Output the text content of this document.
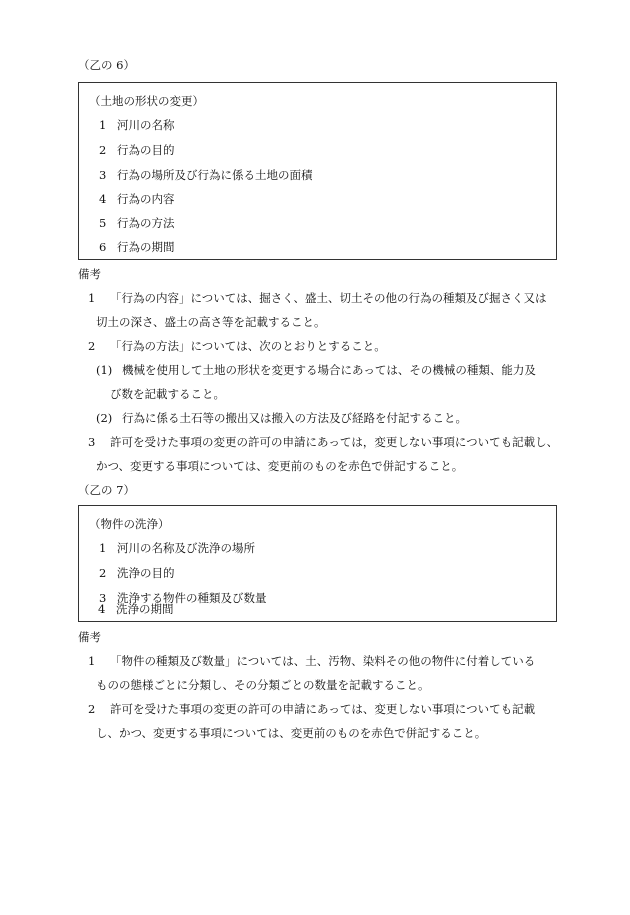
（乙の 6）
（土地の形状の変更）
1 河川の名称
2 行為の目的
3 行為の場所及び行為に係る土地の面積
4 行為の内容
5 行為の方法
6 行為の期間
備考
1 「行為の内容」については、掘さく、盛土、切土その他の行為の種類及び掘さく又は
切土の深さ、盛土の高さ等を記載すること。
2 「行為の方法」については、次のとおりとすること。
(1) 機械を使用して土地の形状を変更する場合にあっては、その機械の種類、能力及
び数を記載すること。
(2) 行為に係る土石等の搬出又は搬入の方法及び経路を付記すること。
3 許可を受けた事項の変更の許可の申請にあっては，変更しない事項についても記載し、
かつ、変更する事項については、変更前のものを赤色で併記すること。
（乙の 7）
（物件の洗浄）
1 河川の名称及び洗浄の場所
2 洗浄の目的
3 洗浄する物件の種類及び数量
4 洗浄の期間
備考
1 「物件の種類及び数量」については、土、汚物、染料その他の物件に付着している
ものの態様ごとに分類し、その分類ごとの数量を記載すること。
2 許可を受けた事項の変更の許可の申請にあっては、変更しない事項についても記載
し、かつ、変更する事項については、変更前のものを赤色で併記すること。
